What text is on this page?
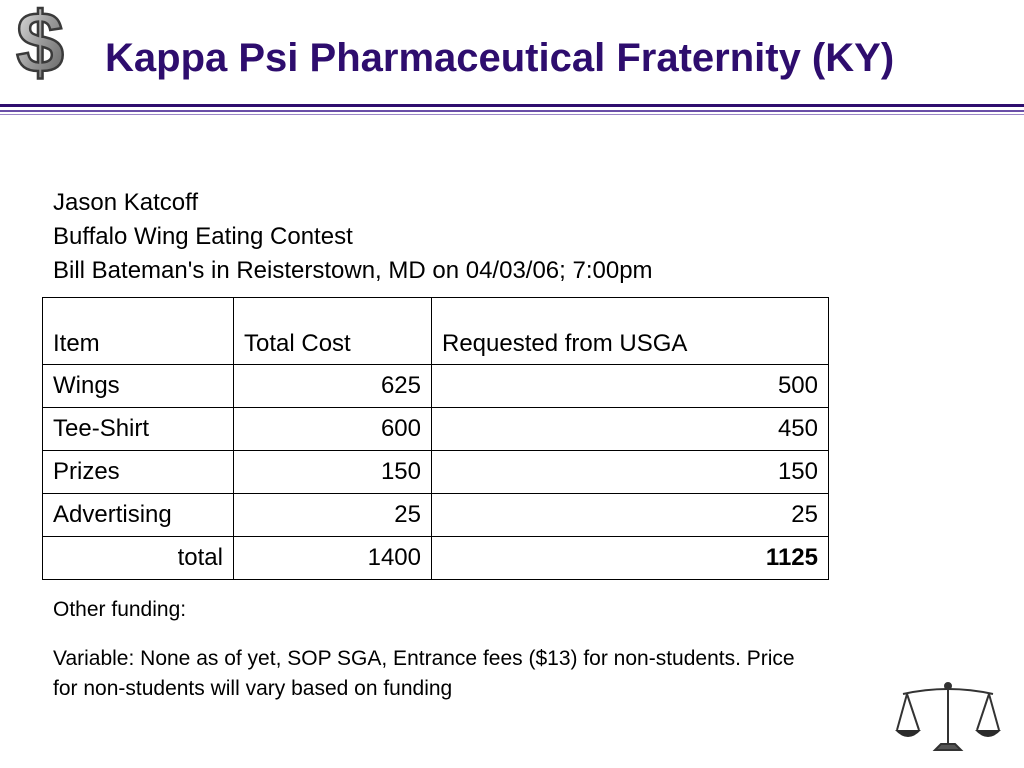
$ Kappa Psi Pharmaceutical Fraternity (KY)
Jason Katcoff
Buffalo Wing Eating Contest
Bill Bateman's in Reisterstown, MD on 04/03/06; 7:00pm
Item	Total Cost	Requested from USGA
Wings	625	500
Tee-Shirt	600	450
Prizes	150	150
Advertising	25	25
total	1400	1125
Other funding:
Variable: None as of yet, SOP SGA, Entrance fees ($13) for non-students. Price for non-students will vary based on funding
